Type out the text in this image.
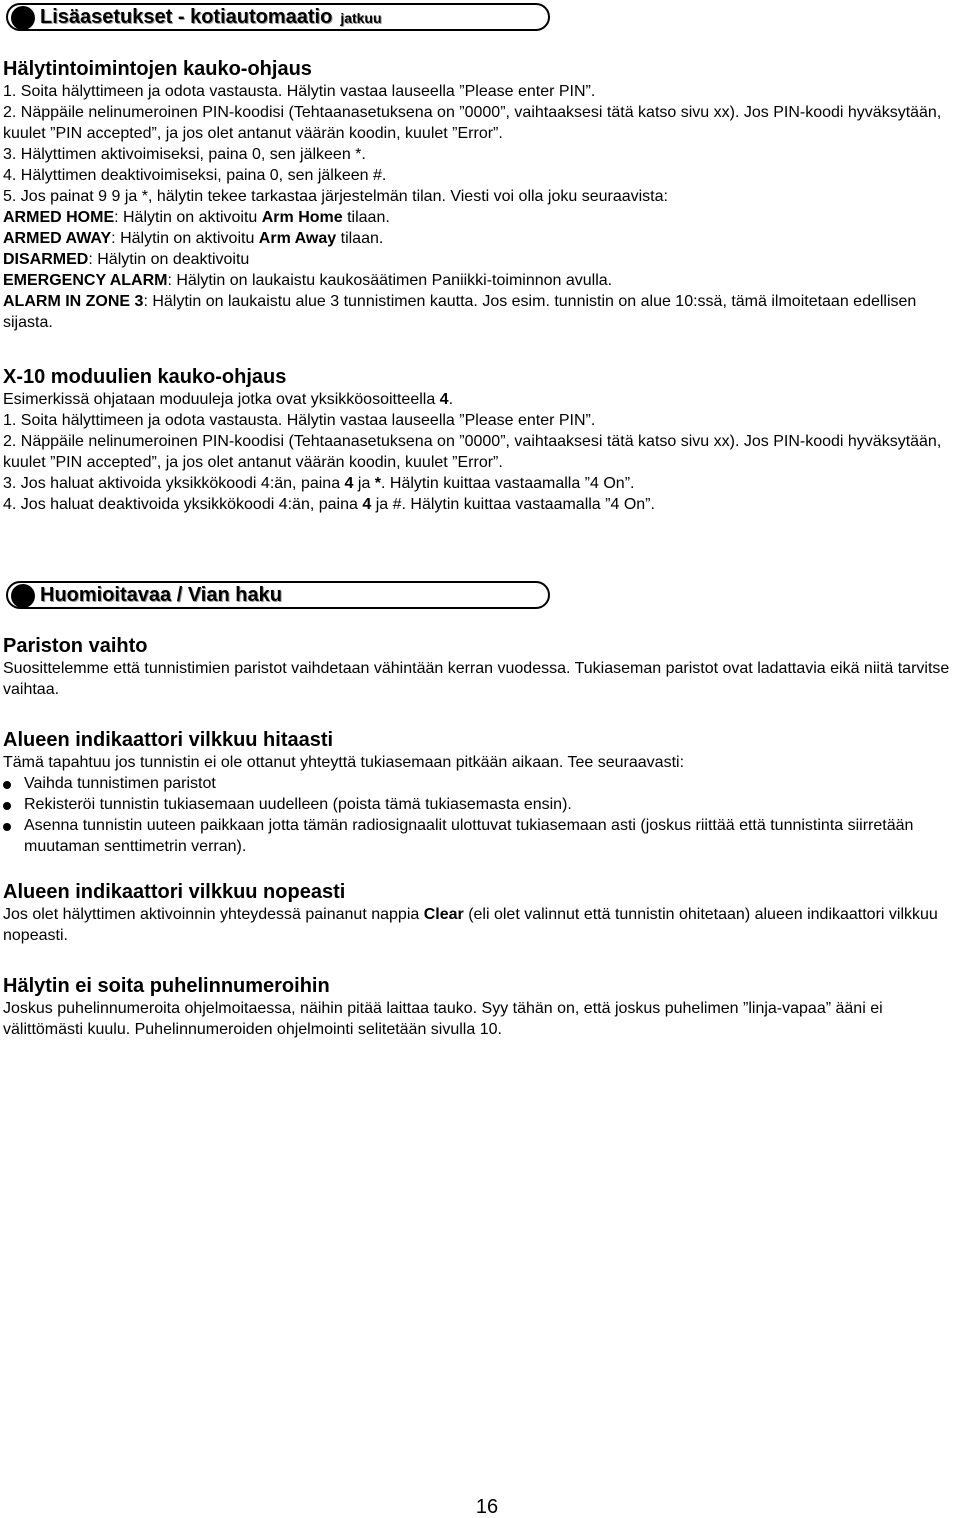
Lisäasetukset - kotiautomaatio jatkuu
Hälytintoimintojen kauko-ohjaus

1. Soita hälyttimeen ja odota vastausta. Hälytin vastaa lauseella ”Please enter PIN”.

2. Näppäile nelinumeroinen PIN-koodisi (Tehtaanasetuksena on ”0000”, vaihtaaksesi tätä katso sivu xx). Jos PIN-koodi hyväksytään, kuulet ”PIN accepted”, ja jos olet antanut väärän koodin, kuulet ”Error”.

3. Hälyttimen aktivoimiseksi, paina 0, sen jälkeen *.

4. Hälyttimen deaktivoimiseksi, paina 0, sen jälkeen #.

5. Jos painat 9 9 ja *, hälytin tekee tarkastaa järjestelmän tilan. Viesti voi olla joku seuraavista:

ARMED HOME: Hälytin on aktivoitu Arm Home tilaan.

ARMED AWAY: Hälytin on aktivoitu Arm Away tilaan.

DISARMED: Hälytin on deaktivoitu

EMERGENCY ALARM: Hälytin on laukaistu kaukosäätimen Paniikki-toiminnon avulla.

ALARM IN ZONE 3: Hälytin on laukaistu alue 3 tunnistimen kautta. Jos esim. tunnistin on alue 10:ssä, tämä ilmoitetaan edellisen sijasta.

X-10 moduulien kauko-ohjaus

Esimerkissä ohjataan moduuleja jotka ovat yksikköosoitteella 4.

1. Soita hälyttimeen ja odota vastausta. Hälytin vastaa lauseella ”Please enter PIN”.

2. Näppäile nelinumeroinen PIN-koodisi (Tehtaanasetuksena on ”0000”, vaihtaaksesi tätä katso sivu xx). Jos PIN-koodi hyväksytään, kuulet ”PIN accepted”, ja jos olet antanut väärän koodin, kuulet ”Error”.

3. Jos haluat aktivoida yksikkökoodi 4:än, paina 4 ja *. Hälytin kuittaa vastaamalla ”4 On”.

4. Jos haluat deaktivoida yksikkökoodi 4:än, paina 4 ja #. Hälytin kuittaa vastaamalla ”4 On”.

Huomioitavaa / Vian haku
Pariston vaihto

Suosittelemme että tunnistimien paristot vaihdetaan vähintään kerran vuodessa. Tukiaseman paristot ovat ladattavia eikä niitä tarvitse vaihtaa.

Alueen indikaattori vilkkuu hitaasti

Tämä tapahtuu jos tunnistin ei ole ottanut yhteyttä tukiasemaan pitkään aikaan. Tee seuraavasti:

Vaihda tunnistimen paristot
Rekisteröi tunnistin tukiasemaan uudelleen (poista tämä tukiasemasta ensin).
Asenna tunnistin uuteen paikkaan jotta tämän radiosignaalit ulottuvat tukiasemaan asti (joskus riittää että tunnistinta siirretään muutaman senttimetrin verran).
Alueen indikaattori vilkkuu nopeasti

Jos olet hälyttimen aktivoinnin yhteydessä painanut nappia Clear (eli olet valinnut että tunnistin ohitetaan) alueen indikaattori vilkkuu nopeasti.

Hälytin ei soita puhelinnumeroihin

Joskus puhelinnumeroita ohjelmoitaessa, näihin pitää laittaa tauko. Syy tähän on, että joskus puhelimen ”linja-vapaa” ääni ei välittömästi kuulu. Puhelinnumeroiden ohjelmointi selitetään sivulla 10.

16
